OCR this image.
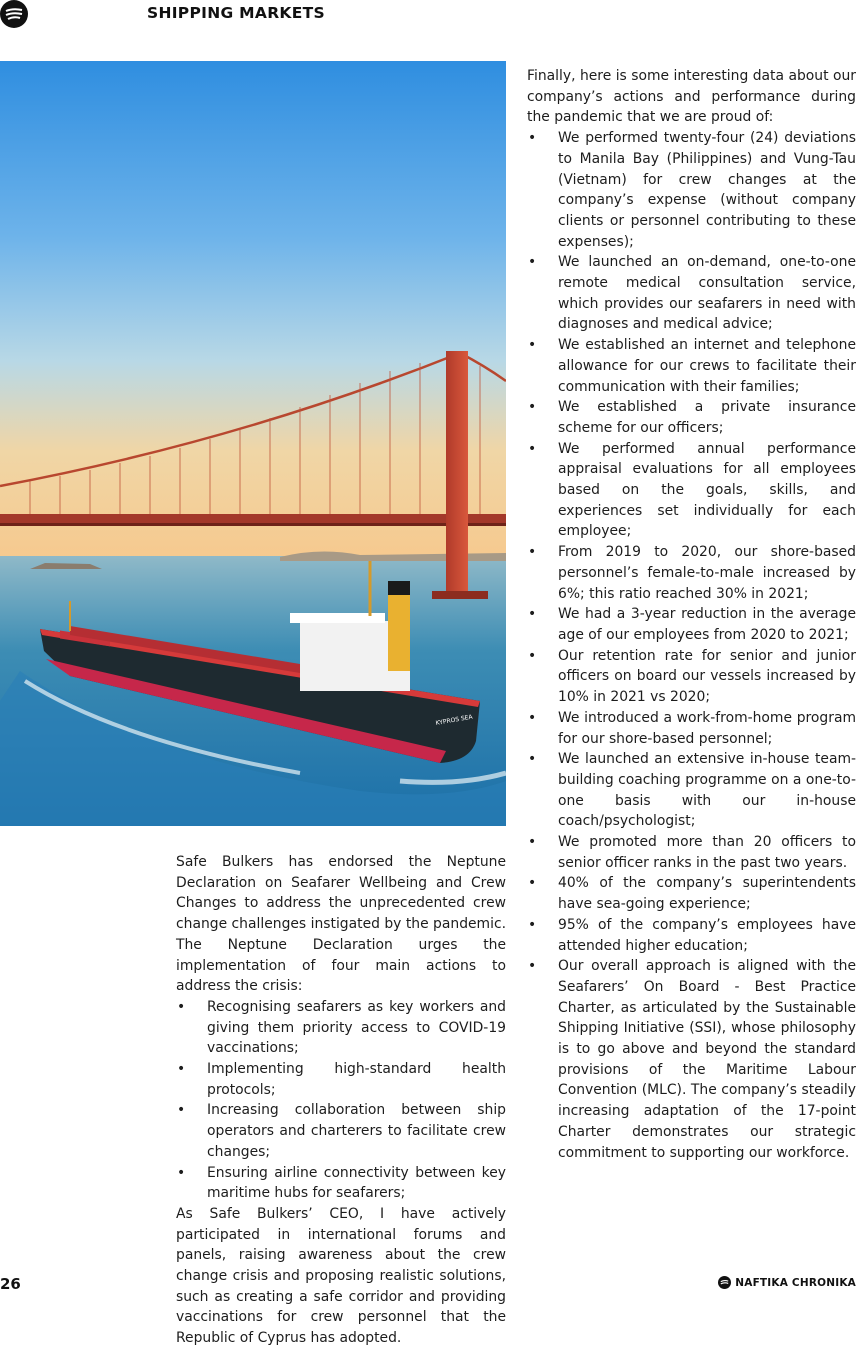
SHIPPING MARKETS
KYPROS SEA

Safe Bulkers has endorsed the Neptune Declaration on Seafarer Wellbeing and Crew Changes to address the unprecedented crew change challenges instigated by the pandemic. The Neptune Declaration urges the implementation of four main actions to address the crisis:

• Recognising seafarers as key workers and giving them priority access to COVID-19 vaccinations;
• Implementing high-standard health protocols;
• Increasing collaboration between ship operators and charterers to facilitate crew changes;
• Ensuring airline connectivity between key maritime hubs for seafarers;

As Safe Bulkers’ CEO, I have actively participated in international forums and panels, raising awareness about the crew change crisis and proposing realistic solutions, such as creating a safe corridor and providing vaccinations for crew personnel that the Republic of Cyprus has adopted.

Finally, here is some interesting data about our company’s actions and performance during the pandemic that we are proud of:

• We performed twenty-four (24) deviations to Manila Bay (Philippines) and Vung-Tau (Vietnam) for crew changes at the company’s expense (without company clients or personnel contributing to these expenses);
• We launched an on-demand, one-to-one remote medical consultation service, which provides our seafarers in need with diagnoses and medical advice;
• We established an internet and telephone allowance for our crews to facilitate their communication with their families;
• We established a private insurance scheme for our officers;
• We performed annual performance appraisal evaluations for all employees based on the goals, skills, and experiences set individually for each employee;
• From 2019 to 2020, our shore-based personnel’s female-to-male increased by 6%; this ratio reached 30% in 2021;
• We had a 3-year reduction in the average age of our employees from 2020 to 2021;
• Our retention rate for senior and junior officers on board our vessels increased by 10% in 2021 vs 2020;
• We introduced a work-from-home program for our shore-based personnel;
• We launched an extensive in-house team-building coaching programme on a one-to-one basis with our in-house coach/psychologist;
• We promoted more than 20 officers to senior officer ranks in the past two years.
• 40% of the company’s superintendents have sea-going experience;
• 95% of the company’s employees have attended higher education;
• Our overall approach is aligned with the Seafarers’ On Board - Best Practice Charter, as articulated by the Sustainable Shipping Initiative (SSI), whose philosophy is to go above and beyond the standard provisions of the Maritime Labour Convention (MLC). The company’s steadily increasing adaptation of the 17-point Charter demonstrates our strategic commitment to supporting our workforce.
26	NAFTIKA CHRONIKA
